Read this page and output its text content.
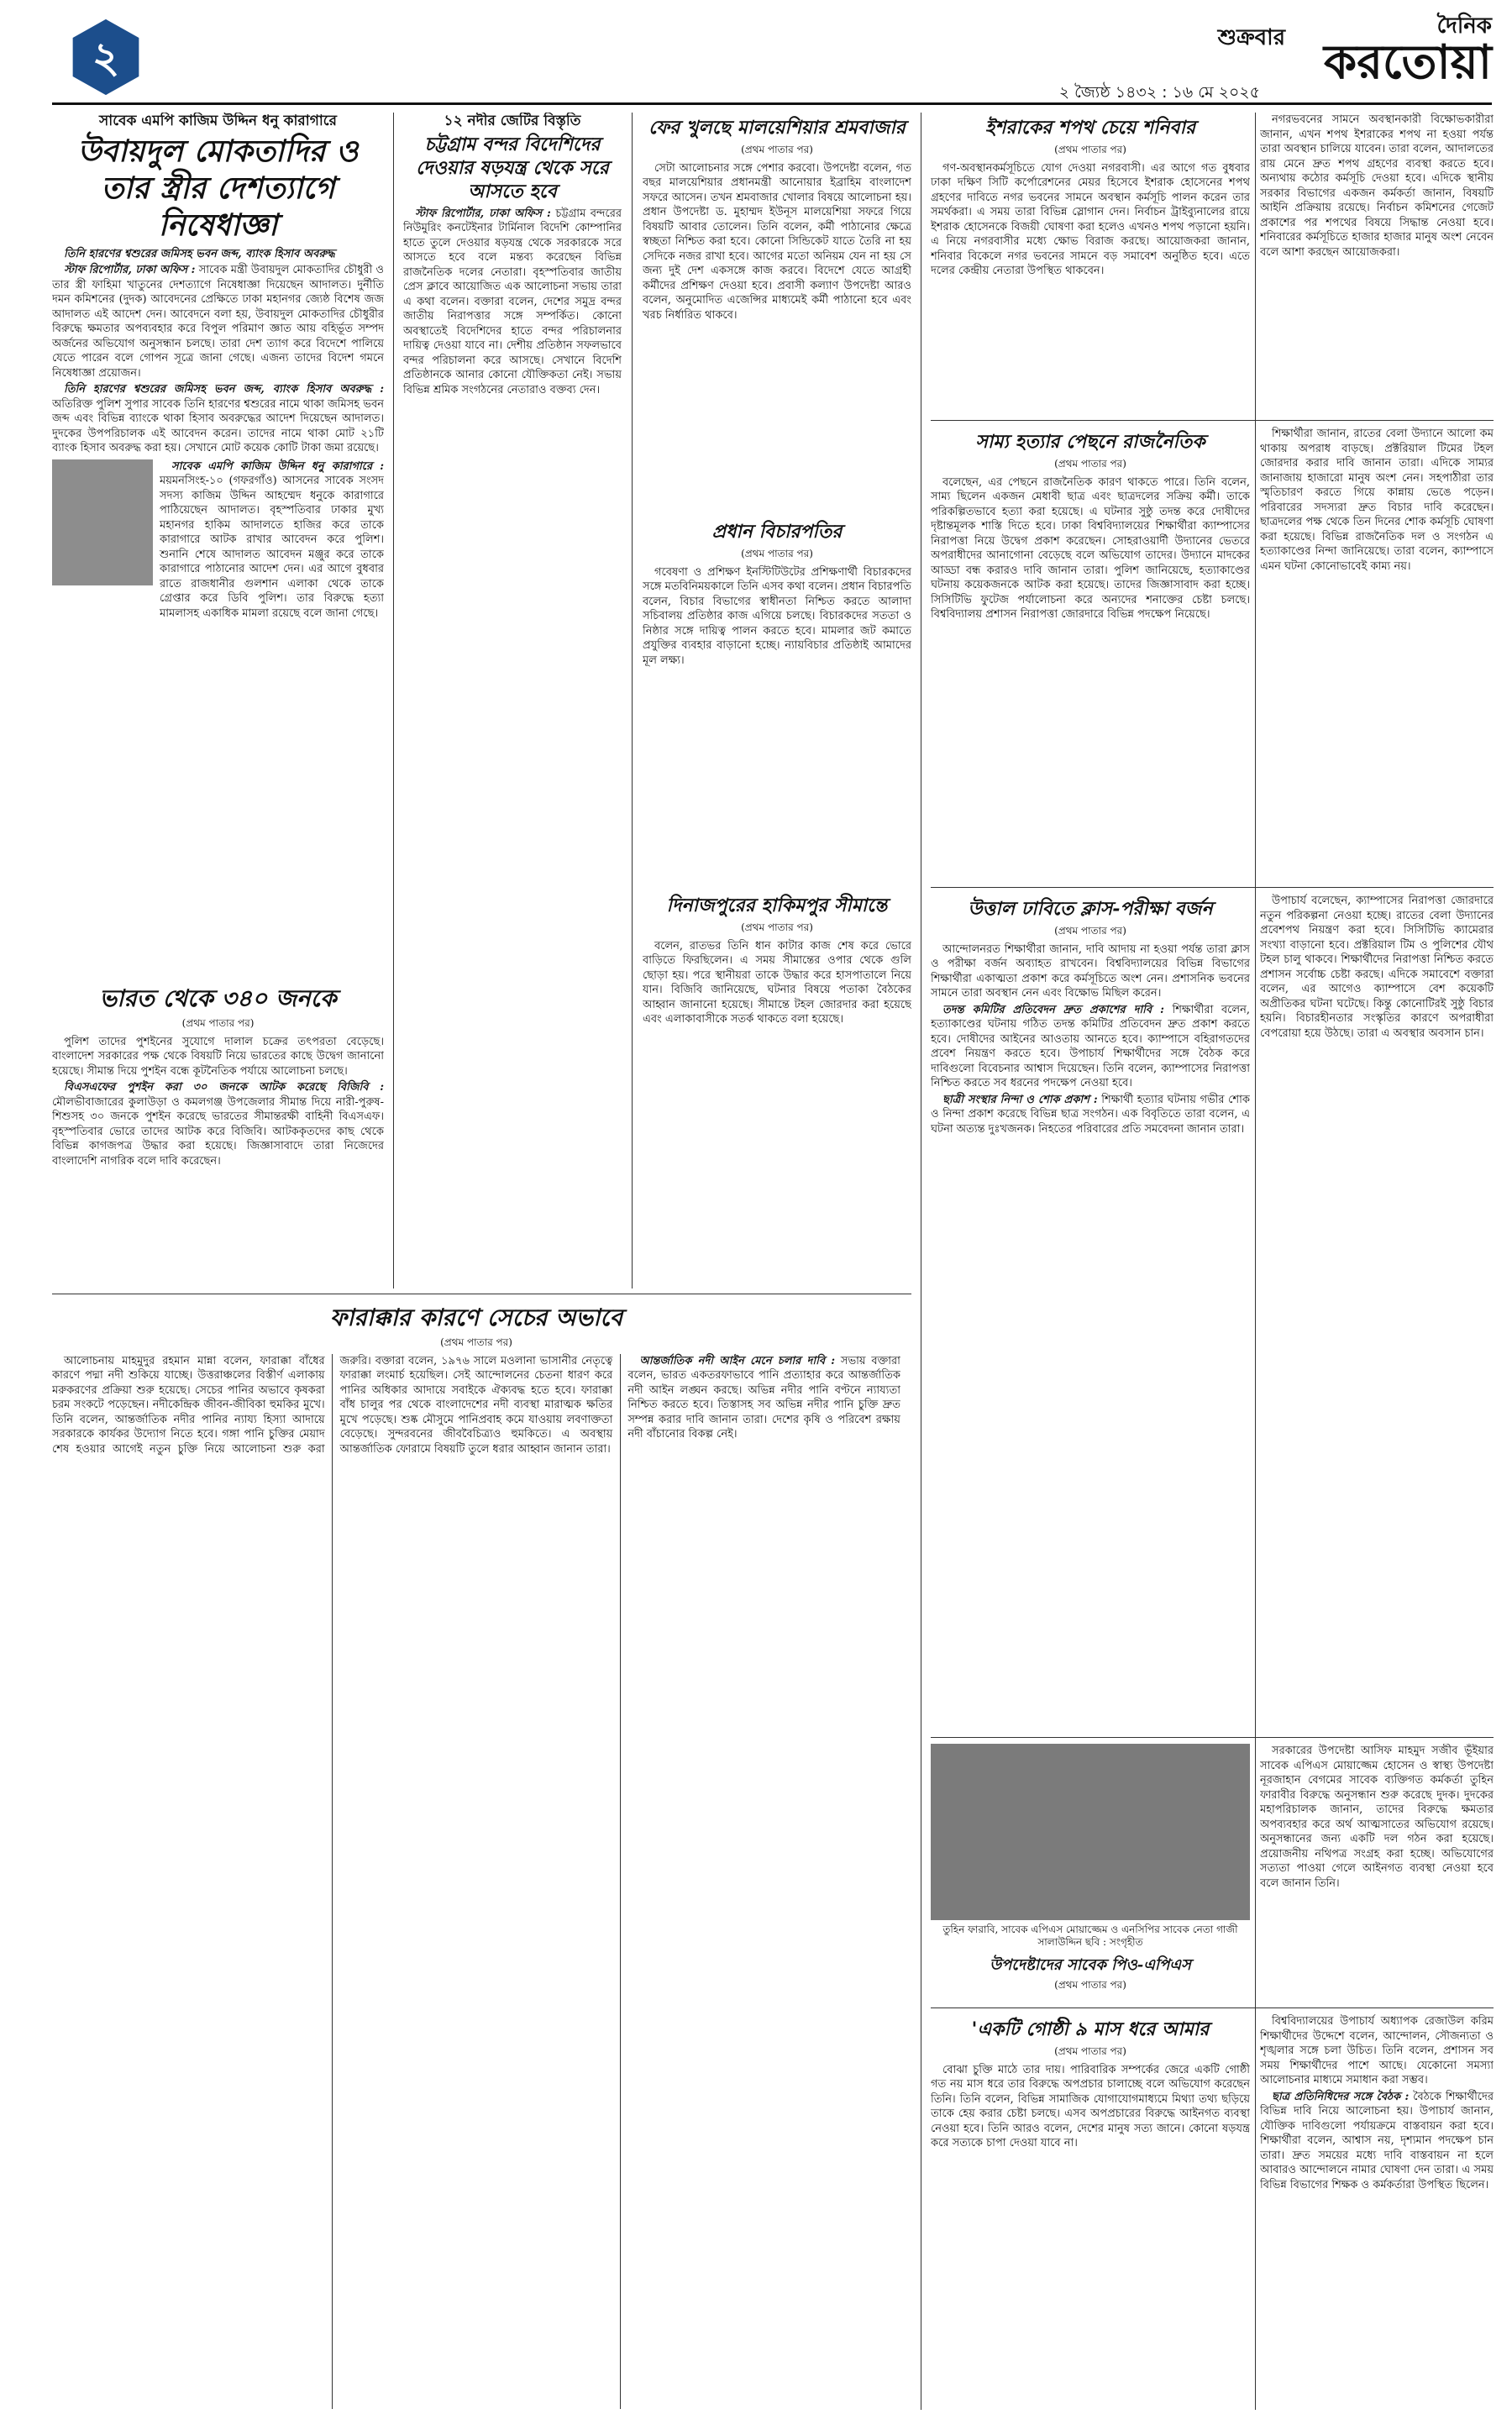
২	শুক্রবার
২ জ্যৈষ্ঠ ১৪৩২ : ১৬ মে ২০২৫
দৈনিক
করতোয়া
সাবেক এমপি কাজিম উদ্দিন ধনু কারাগারে
উবায়দুল মোকতাদির ও তার স্ত্রীর দেশত্যাগে নিষেধাজ্ঞা

তিনি হারণের শ্বশুরের জমিসহ ভবন জব্দ, ব্যাংক হিসাব অবরুদ্ধ

স্টাফ রিপোর্টার, ঢাকা অফিস : সাবেক মন্ত্রী উবায়দুল মোকতাদির চৌধুরী ও তার স্ত্রী ফাহিমা খাতুনের দেশত্যাগে নিষেধাজ্ঞা দিয়েছেন আদালত। দুর্নীতি দমন কমিশনের (দুদক) আবেদনের প্রেক্ষিতে ঢাকা মহানগর জ্যেষ্ঠ বিশেষ জজ আদালত এই আদেশ দেন। আবেদনে বলা হয়, উবায়দুল মোকতাদির চৌধুরীর বিরুদ্ধে ক্ষমতার অপব্যবহার করে বিপুল পরিমাণ জ্ঞাত আয় বহির্ভূত সম্পদ অর্জনের অভিযোগ অনুসন্ধান চলছে। তারা দেশ ত্যাগ করে বিদেশে পালিয়ে যেতে পারেন বলে গোপন সূত্রে জানা গেছে। এজন্য তাদের বিদেশ গমনে নিষেধাজ্ঞা প্রয়োজন।

তিনি হারণের শ্বশুরের জমিসহ ভবন জব্দ, ব্যাংক হিসাব অবরুদ্ধ : অতিরিক্ত পুলিশ সুপার সাবেক তিনি হারণের শ্বশুরের নামে থাকা জমিসহ ভবন জব্দ এবং বিভিন্ন ব্যাংকে থাকা হিসাব অবরুদ্ধের আদেশ দিয়েছেন আদালত। দুদকের উপপরিচালক এই আবেদন করেন। তাদের নামে থাকা মোট ২১টি ব্যাংক হিসাব অবরুদ্ধ করা হয়। সেখানে মোট কয়েক কোটি টাকা জমা রয়েছে।

সাবেক এমপি কাজিম উদ্দিন ধনু কারাগারে : ময়মনসিংহ-১০ (গফরগাঁও) আসনের সাবেক সংসদ সদস্য কাজিম উদ্দিন আহম্মেদ ধনুকে কারাগারে পাঠিয়েছেন আদালত। বৃহস্পতিবার ঢাকার মুখ্য মহানগর হাকিম আদালতে হাজির করে তাকে কারাগারে আটক রাখার আবেদন করে পুলিশ। শুনানি শেষে আদালত আবেদন মঞ্জুর করে তাকে কারাগারে পাঠানোর আদেশ দেন। এর আগে বুধবার রাতে রাজধানীর গুলশান এলাকা থেকে তাকে গ্রেপ্তার করে ডিবি পুলিশ। তার বিরুদ্ধে হত্যা মামলাসহ একাধিক মামলা রয়েছে বলে জানা গেছে।

ভারত থেকে ৩৪০ জনকে
(প্রথম পাতার পর)

পুলিশ তাদের পুশইনের সুযোগে দালাল চক্রের তৎপরতা বেড়েছে। বাংলাদেশ সরকারের পক্ষ থেকে বিষয়টি নিয়ে ভারতের কাছে উদ্বেগ জানানো হয়েছে। সীমান্ত দিয়ে পুশইন বন্ধে কূটনৈতিক পর্যায়ে আলোচনা চলছে।

বিএসএফের পুশইন করা ৩০ জনকে আটক করেছে বিজিবি : মৌলভীবাজারের কুলাউড়া ও কমলগঞ্জ উপজেলার সীমান্ত দিয়ে নারী-পুরুষ-শিশুসহ ৩০ জনকে পুশইন করেছে ভারতের সীমান্তরক্ষী বাহিনী বিএসএফ। বৃহস্পতিবার ভোরে তাদের আটক করে বিজিবি। আটককৃতদের কাছ থেকে বিভিন্ন কাগজপত্র উদ্ধার করা হয়েছে। জিজ্ঞাসাবাদে তারা নিজেদের বাংলাদেশি নাগরিক বলে দাবি করেছেন।

১২ নদীর জেটির বিস্তৃতি
চট্টগ্রাম বন্দর বিদেশিদের দেওয়ার ষড়যন্ত্র থেকে সরে আসতে হবে

স্টাফ রিপোর্টার, ঢাকা অফিস : চট্টগ্রাম বন্দরের নিউমুরিং কনটেইনার টার্মিনাল বিদেশি কোম্পানির হাতে তুলে দেওয়ার ষড়যন্ত্র থেকে সরকারকে সরে আসতে হবে বলে মন্তব্য করেছেন বিভিন্ন রাজনৈতিক দলের নেতারা। বৃহস্পতিবার জাতীয় প্রেস ক্লাবে আয়োজিত এক আলোচনা সভায় তারা এ কথা বলেন। বক্তারা বলেন, দেশের সমুদ্র বন্দর জাতীয় নিরাপত্তার সঙ্গে সম্পর্কিত। কোনো অবস্থাতেই বিদেশিদের হাতে বন্দর পরিচালনার দায়িত্ব দেওয়া যাবে না। দেশীয় প্রতিষ্ঠান সফলভাবে বন্দর পরিচালনা করে আসছে। সেখানে বিদেশি প্রতিষ্ঠানকে আনার কোনো যৌক্তিকতা নেই। সভায় বিভিন্ন শ্রমিক সংগঠনের নেতারাও বক্তব্য দেন।

ফারাক্কার কারণে সেচের অভাবে
(প্রথম পাতার পর)

আলোচনায় মাহমুদুর রহমান মান্না বলেন, ফারাক্কা বাঁধের কারণে পদ্মা নদী শুকিয়ে যাচ্ছে। উত্তরাঞ্চলের বিস্তীর্ণ এলাকায় মরুকরণের প্রক্রিয়া শুরু হয়েছে। সেচের পানির অভাবে কৃষকরা চরম সংকটে পড়েছেন। নদীকেন্দ্রিক জীবন-জীবিকা হুমকির মুখে। তিনি বলেন, আন্তর্জাতিক নদীর পানির ন্যায্য হিস্যা আদায়ে সরকারকে কার্যকর উদ্যোগ নিতে হবে। গঙ্গা পানি চুক্তির মেয়াদ শেষ হওয়ার আগেই নতুন চুক্তি নিয়ে আলোচনা শুরু করা জরুরি। বক্তারা বলেন, ১৯৭৬ সালে মওলানা ভাসানীর নেতৃত্বে ফারাক্কা লংমার্চ হয়েছিল। সেই আন্দোলনের চেতনা ধারণ করে পানির অধিকার আদায়ে সবাইকে ঐক্যবদ্ধ হতে হবে। ফারাক্কা বাঁধ চালুর পর থেকে বাংলাদেশের নদী ব্যবস্থা মারাত্মক ক্ষতির মুখে পড়েছে। শুষ্ক মৌসুমে পানিপ্রবাহ কমে যাওয়ায় লবণাক্ততা বেড়েছে। সুন্দরবনের জীববৈচিত্র্যও হুমকিতে। এ অবস্থায় আন্তর্জাতিক ফোরামে বিষয়টি তুলে ধরার আহ্বান জানান তারা।

আন্তর্জাতিক নদী আইন মেনে চলার দাবি : সভায় বক্তারা বলেন, ভারত একতরফাভাবে পানি প্রত্যাহার করে আন্তর্জাতিক নদী আইন লঙ্ঘন করছে। অভিন্ন নদীর পানি বণ্টনে ন্যায্যতা নিশ্চিত করতে হবে। তিস্তাসহ সব অভিন্ন নদীর পানি চুক্তি দ্রুত সম্পন্ন করার দাবি জানান তারা। দেশের কৃষি ও পরিবেশ রক্ষায় নদী বাঁচানোর বিকল্প নেই।

ফের খুলছে মালয়েশিয়ার শ্রমবাজার
(প্রথম পাতার পর)

সেটা আলোচনার সঙ্গে পেশার করবো। উপদেষ্টা বলেন, গত বছর মালয়েশিয়ার প্রধানমন্ত্রী আনোয়ার ইব্রাহিম বাংলাদেশ সফরে আসেন। তখন শ্রমবাজার খোলার বিষয়ে আলোচনা হয়। প্রধান উপদেষ্টা ড. মুহাম্মদ ইউনূস মালয়েশিয়া সফরে গিয়ে বিষয়টি আবার তোলেন। তিনি বলেন, কর্মী পাঠানোর ক্ষেত্রে স্বচ্ছতা নিশ্চিত করা হবে। কোনো সিন্ডিকেট যাতে তৈরি না হয় সেদিকে নজর রাখা হবে। আগের মতো অনিয়ম যেন না হয় সে জন্য দুই দেশ একসঙ্গে কাজ করবে। বিদেশে যেতে আগ্রহী কর্মীদের প্রশিক্ষণ দেওয়া হবে। প্রবাসী কল্যাণ উপদেষ্টা আরও বলেন, অনুমোদিত এজেন্সির মাধ্যমেই কর্মী পাঠানো হবে এবং খরচ নির্ধারিত থাকবে।

প্রধান বিচারপতির
(প্রথম পাতার পর)

গবেষণা ও প্রশিক্ষণ ইনস্টিটিউটের প্রশিক্ষণার্থী বিচারকদের সঙ্গে মতবিনিময়কালে তিনি এসব কথা বলেন। প্রধান বিচারপতি বলেন, বিচার বিভাগের স্বাধীনতা নিশ্চিত করতে আলাদা সচিবালয় প্রতিষ্ঠার কাজ এগিয়ে চলছে। বিচারকদের সততা ও নিষ্ঠার সঙ্গে দায়িত্ব পালন করতে হবে। মামলার জট কমাতে প্রযুক্তির ব্যবহার বাড়ানো হচ্ছে। ন্যায়বিচার প্রতিষ্ঠাই আমাদের মূল লক্ষ্য।

দিনাজপুরের হাকিমপুর সীমান্তে
(প্রথম পাতার পর)

বলেন, রাতভর তিনি ধান কাটার কাজ শেষ করে ভোরে বাড়িতে ফিরছিলেন। এ সময় সীমান্তের ওপার থেকে গুলি ছোড়া হয়। পরে স্থানীয়রা তাকে উদ্ধার করে হাসপাতালে নিয়ে যান। বিজিবি জানিয়েছে, ঘটনার বিষয়ে পতাকা বৈঠকের আহ্বান জানানো হয়েছে। সীমান্তে টহল জোরদার করা হয়েছে এবং এলাকাবাসীকে সতর্ক থাকতে বলা হয়েছে।

ইশরাকের শপথ চেয়ে শনিবার
(প্রথম পাতার পর)

গণ-অবস্থানকর্মসূচিতে যোগ দেওয়া নগরবাসী। এর আগে গত বুধবার ঢাকা দক্ষিণ সিটি কর্পোরেশনের মেয়র হিসেবে ইশরাক হোসেনের শপথ গ্রহণের দাবিতে নগর ভবনের সামনে অবস্থান কর্মসূচি পালন করেন তার সমর্থকরা। এ সময় তারা বিভিন্ন স্লোগান দেন। নির্বাচন ট্রাইব্যুনালের রায়ে ইশরাক হোসেনকে বিজয়ী ঘোষণা করা হলেও এখনও শপথ পড়ানো হয়নি। এ নিয়ে নগরবাসীর মধ্যে ক্ষোভ বিরাজ করছে। আয়োজকরা জানান, শনিবার বিকেলে নগর ভবনের সামনে বড় সমাবেশ অনুষ্ঠিত হবে। এতে দলের কেন্দ্রীয় নেতারা উপস্থিত থাকবেন।

নগরভবনের সামনে অবস্থানকারী বিক্ষোভকারীরা জানান, এখন শপথ ইশরাকের শপথ না হওয়া পর্যন্ত তারা অবস্থান চালিয়ে যাবেন। তারা বলেন, আদালতের রায় মেনে দ্রুত শপথ গ্রহণের ব্যবস্থা করতে হবে। অন্যথায় কঠোর কর্মসূচি দেওয়া হবে। এদিকে স্থানীয় সরকার বিভাগের একজন কর্মকর্তা জানান, বিষয়টি আইনি প্রক্রিয়ায় রয়েছে। নির্বাচন কমিশনের গেজেট প্রকাশের পর শপথের বিষয়ে সিদ্ধান্ত নেওয়া হবে। শনিবারের কর্মসূচিতে হাজার হাজার মানুষ অংশ নেবেন বলে আশা করছেন আয়োজকরা।

সাম্য হত্যার পেছনে রাজনৈতিক
(প্রথম পাতার পর)

বলেছেন, এর পেছনে রাজনৈতিক কারণ থাকতে পারে। তিনি বলেন, সাম্য ছিলেন একজন মেধাবী ছাত্র এবং ছাত্রদলের সক্রিয় কর্মী। তাকে পরিকল্পিতভাবে হত্যা করা হয়েছে। এ ঘটনার সুষ্ঠু তদন্ত করে দোষীদের দৃষ্টান্তমূলক শাস্তি দিতে হবে। ঢাকা বিশ্ববিদ্যালয়ের শিক্ষার্থীরা ক্যাম্পাসের নিরাপত্তা নিয়ে উদ্বেগ প্রকাশ করেছেন। সোহরাওয়ার্দী উদ্যানের ভেতরে অপরাধীদের আনাগোনা বেড়েছে বলে অভিযোগ তাদের। উদ্যানে মাদকের আড্ডা বন্ধ করারও দাবি জানান তারা। পুলিশ জানিয়েছে, হত্যাকাণ্ডের ঘটনায় কয়েকজনকে আটক করা হয়েছে। তাদের জিজ্ঞাসাবাদ করা হচ্ছে। সিসিটিভি ফুটেজ পর্যালোচনা করে অন্যদের শনাক্তের চেষ্টা চলছে। বিশ্ববিদ্যালয় প্রশাসন নিরাপত্তা জোরদারে বিভিন্ন পদক্ষেপ নিয়েছে।

শিক্ষার্থীরা জানান, রাতের বেলা উদ্যানে আলো কম থাকায় অপরাধ বাড়ছে। প্রক্টরিয়াল টিমের টহল জোরদার করার দাবি জানান তারা। এদিকে সাম্যর জানাজায় হাজারো মানুষ অংশ নেন। সহপাঠীরা তার স্মৃতিচারণ করতে গিয়ে কান্নায় ভেঙে পড়েন। পরিবারের সদস্যরা দ্রুত বিচার দাবি করেছেন। ছাত্রদলের পক্ষ থেকে তিন দিনের শোক কর্মসূচি ঘোষণা করা হয়েছে। বিভিন্ন রাজনৈতিক দল ও সংগঠন এ হত্যাকাণ্ডের নিন্দা জানিয়েছে। তারা বলেন, ক্যাম্পাসে এমন ঘটনা কোনোভাবেই কাম্য নয়।

উত্তাল ঢাবিতে ক্লাস-পরীক্ষা বর্জন
(প্রথম পাতার পর)

আন্দোলনরত শিক্ষার্থীরা জানান, দাবি আদায় না হওয়া পর্যন্ত তারা ক্লাস ও পরীক্ষা বর্জন অব্যাহত রাখবেন। বিশ্ববিদ্যালয়ের বিভিন্ন বিভাগের শিক্ষার্থীরা একাত্মতা প্রকাশ করে কর্মসূচিতে অংশ নেন। প্রশাসনিক ভবনের সামনে তারা অবস্থান নেন এবং বিক্ষোভ মিছিল করেন।

তদন্ত কমিটির প্রতিবেদন দ্রুত প্রকাশের দাবি : শিক্ষার্থীরা বলেন, হত্যাকাণ্ডের ঘটনায় গঠিত তদন্ত কমিটির প্রতিবেদন দ্রুত প্রকাশ করতে হবে। দোষীদের আইনের আওতায় আনতে হবে। ক্যাম্পাসে বহিরাগতদের প্রবেশ নিয়ন্ত্রণ করতে হবে। উপাচার্য শিক্ষার্থীদের সঙ্গে বৈঠক করে দাবিগুলো বিবেচনার আশ্বাস দিয়েছেন। তিনি বলেন, ক্যাম্পাসের নিরাপত্তা নিশ্চিত করতে সব ধরনের পদক্ষেপ নেওয়া হবে।

ছাত্রী সংস্থার নিন্দা ও শোক প্রকাশ : শিক্ষার্থী হত্যার ঘটনায় গভীর শোক ও নিন্দা প্রকাশ করেছে বিভিন্ন ছাত্র সংগঠন। এক বিবৃতিতে তারা বলেন, এ ঘটনা অত্যন্ত দুঃখজনক। নিহতের পরিবারের প্রতি সমবেদনা জানান তারা।

উপাচার্য বলেছেন, ক্যাম্পাসের নিরাপত্তা জোরদারে নতুন পরিকল্পনা নেওয়া হচ্ছে। রাতের বেলা উদ্যানের প্রবেশপথ নিয়ন্ত্রণ করা হবে। সিসিটিভি ক্যামেরার সংখ্যা বাড়ানো হবে। প্রক্টরিয়াল টিম ও পুলিশের যৌথ টহল চালু থাকবে। শিক্ষার্থীদের নিরাপত্তা নিশ্চিত করতে প্রশাসন সর্বোচ্চ চেষ্টা করছে। এদিকে সমাবেশে বক্তারা বলেন, এর আগেও ক্যাম্পাসে বেশ কয়েকটি অপ্রীতিকর ঘটনা ঘটেছে। কিন্তু কোনোটিরই সুষ্ঠু বিচার হয়নি। বিচারহীনতার সংস্কৃতির কারণে অপরাধীরা বেপরোয়া হয়ে উঠছে। তারা এ অবস্থার অবসান চান।

'একটি গোষ্ঠী ৯ মাস ধরে আমার
(প্রথম পাতার পর)

বোঝা চুক্তি মাঠে তার দায়। পারিবারিক সম্পর্কের জেরে একটি গোষ্ঠী গত নয় মাস ধরে তার বিরুদ্ধে অপপ্রচার চালাচ্ছে বলে অভিযোগ করেছেন তিনি। তিনি বলেন, বিভিন্ন সামাজিক যোগাযোগমাধ্যমে মিথ্যা তথ্য ছড়িয়ে তাকে হেয় করার চেষ্টা চলছে। এসব অপপ্রচারের বিরুদ্ধে আইনগত ব্যবস্থা নেওয়া হবে। তিনি আরও বলেন, দেশের মানুষ সত্য জানে। কোনো ষড়যন্ত্র করে সত্যকে চাপা দেওয়া যাবে না।

বিশ্ববিদ্যালয়ের উপাচার্য অধ্যাপক রেজাউল করিম শিক্ষার্থীদের উদ্দেশে বলেন, আন্দোলন, সৌজন্যতা ও শৃঙ্খলার সঙ্গে চলা উচিত। তিনি বলেন, প্রশাসন সব সময় শিক্ষার্থীদের পাশে আছে। যেকোনো সমস্যা আলোচনার মাধ্যমে সমাধান করা সম্ভব।

ছাত্র প্রতিনিধিদের সঙ্গে বৈঠক : বৈঠকে শিক্ষার্থীদের বিভিন্ন দাবি নিয়ে আলোচনা হয়। উপাচার্য জানান, যৌক্তিক দাবিগুলো পর্যায়ক্রমে বাস্তবায়ন করা হবে। শিক্ষার্থীরা বলেন, আশ্বাস নয়, দৃশ্যমান পদক্ষেপ চান তারা। দ্রুত সময়ের মধ্যে দাবি বাস্তবায়ন না হলে আবারও আন্দোলনে নামার ঘোষণা দেন তারা। এ সময় বিভিন্ন বিভাগের শিক্ষক ও কর্মকর্তারা উপস্থিত ছিলেন।

তুহিন ফারাবি, সাবেক এপিএস মোয়াজ্জেম ও এনসিপির সাবেক নেতা গাজী সালাউদ্দিন ছবি : সংগৃহীত
উপদেষ্টাদের সাবেক পিও-এপিএস
(প্রথম পাতার পর)

সরকারের উপদেষ্টা আসিফ মাহমুদ সজীব ভূঁইয়ার সাবেক এপিএস মোয়াজ্জেম হোসেন ও স্বাস্থ্য উপদেষ্টা নূরজাহান বেগমের সাবেক ব্যক্তিগত কর্মকর্তা তুহিন ফারাবীর বিরুদ্ধে অনুসন্ধান শুরু করেছে দুদক। দুদকের মহাপরিচালক জানান, তাদের বিরুদ্ধে ক্ষমতার অপব্যবহার করে অর্থ আত্মসাতের অভিযোগ রয়েছে। অনুসন্ধানের জন্য একটি দল গঠন করা হয়েছে। প্রয়োজনীয় নথিপত্র সংগ্রহ করা হচ্ছে। অভিযোগের সত্যতা পাওয়া গেলে আইনগত ব্যবস্থা নেওয়া হবে বলে জানান তিনি।
